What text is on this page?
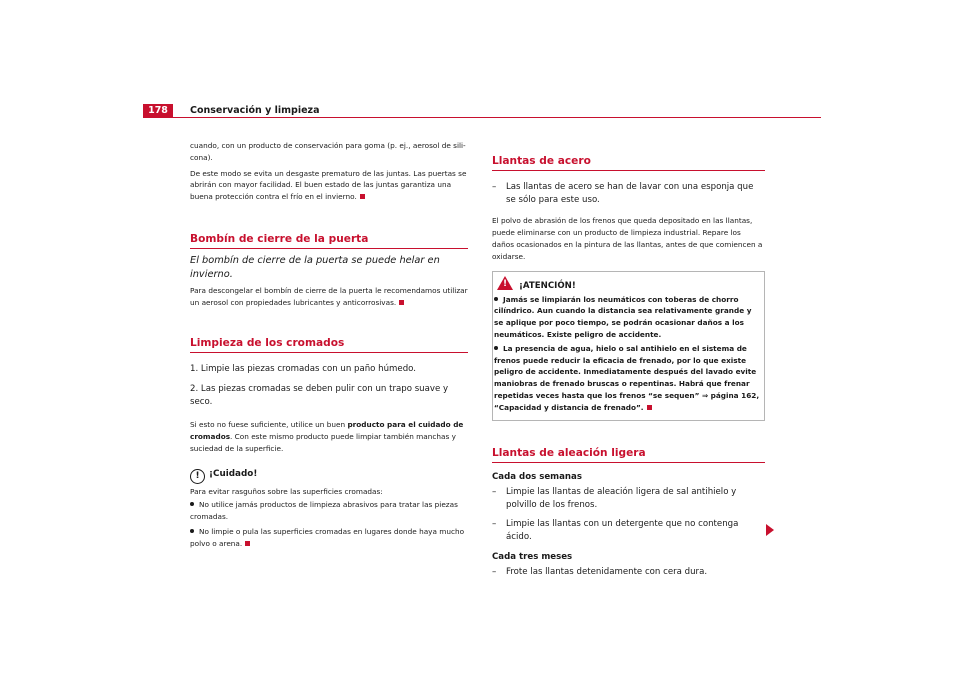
178	Conservación y limpieza

cuando, con un producto de conservación para goma (p. ej., aerosol de sili-cona).

De este modo se evita un desgaste prematuro de las juntas. Las puertas se abrirán con mayor facilidad. El buen estado de las juntas garantiza una buena protección contra el frío en el invierno.

Bombín de cierre de la puerta
El bombín de cierre de la puerta se puede helar en invierno.

Para descongelar el bombín de cierre de la puerta le recomendamos utilizar un aerosol con propiedades lubricantes y anticorrosivas.

Limpieza de los cromados

1. Limpie las piezas cromadas con un paño húmedo.

2. Las piezas cromadas se deben pulir con un trapo suave y seco.

Si esto no fuese suficiente, utilice un buen producto para el cuidado de cromados. Con este mismo producto puede limpiar también manchas y suciedad de la superficie.

! ¡Cuidado!

Para evitar rasguños sobre las superficies cromadas:

No utilice jamás productos de limpieza abrasivos para tratar las piezas cromadas.

No limpie o pula las superficies cromadas en lugares donde haya mucho polvo o arena.

Llantas de acero
–	Las llantas de acero se han de lavar con una esponja que se sólo para este uso.

El polvo de abrasión de los frenos que queda depositado en las llantas, puede eliminarse con un producto de limpieza industrial. Repare los daños ocasionados en la pintura de las llantas, antes de que comiencen a oxidarse.

! ¡ATENCIÓN!

Jamás se limpiarán los neumáticos con toberas de chorro cilíndrico. Aun cuando la distancia sea relativamente grande y se aplique por poco tiempo, se podrán ocasionar daños a los neumáticos. Existe peligro de accidente.

La presencia de agua, hielo o sal antihielo en el sistema de frenos puede reducir la eficacia de frenado, por lo que existe peligro de accidente. Inmediatamente después del lavado evite maniobras de frenado bruscas o repentinas. Habrá que frenar repetidas veces hasta que los frenos “se sequen” ⇒ página 162, “Capacidad y distancia de frenado”.

Llantas de aleación ligera

Cada dos semanas

–	Limpie las llantas de aleación ligera de sal antihielo y polvillo de los frenos.
–	Limpie las llantas con un detergente que no contenga ácido.

Cada tres meses

–	Frote las llantas detenidamente con cera dura.
